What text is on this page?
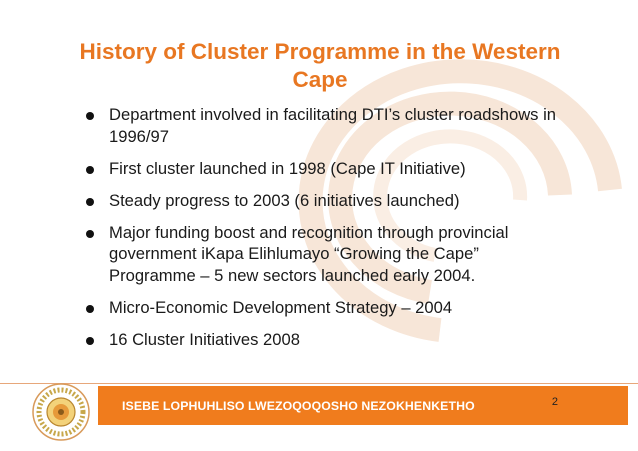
History of Cluster Programme in the Western Cape
Department involved in facilitating DTI’s cluster roadshows in 1996/97
First cluster launched in 1998 (Cape IT Initiative)
Steady progress to 2003 (6 initiatives launched)
Major funding boost and recognition through provincial government iKapa Elihlumayo “Growing the Cape” Programme – 5 new sectors launched early 2004.
Micro-Economic Development Strategy – 2004
16 Cluster Initiatives 2008
ISEBE LOPHUHLISO LWEZOQOQOSHO NEZOKHENKETHO	2
